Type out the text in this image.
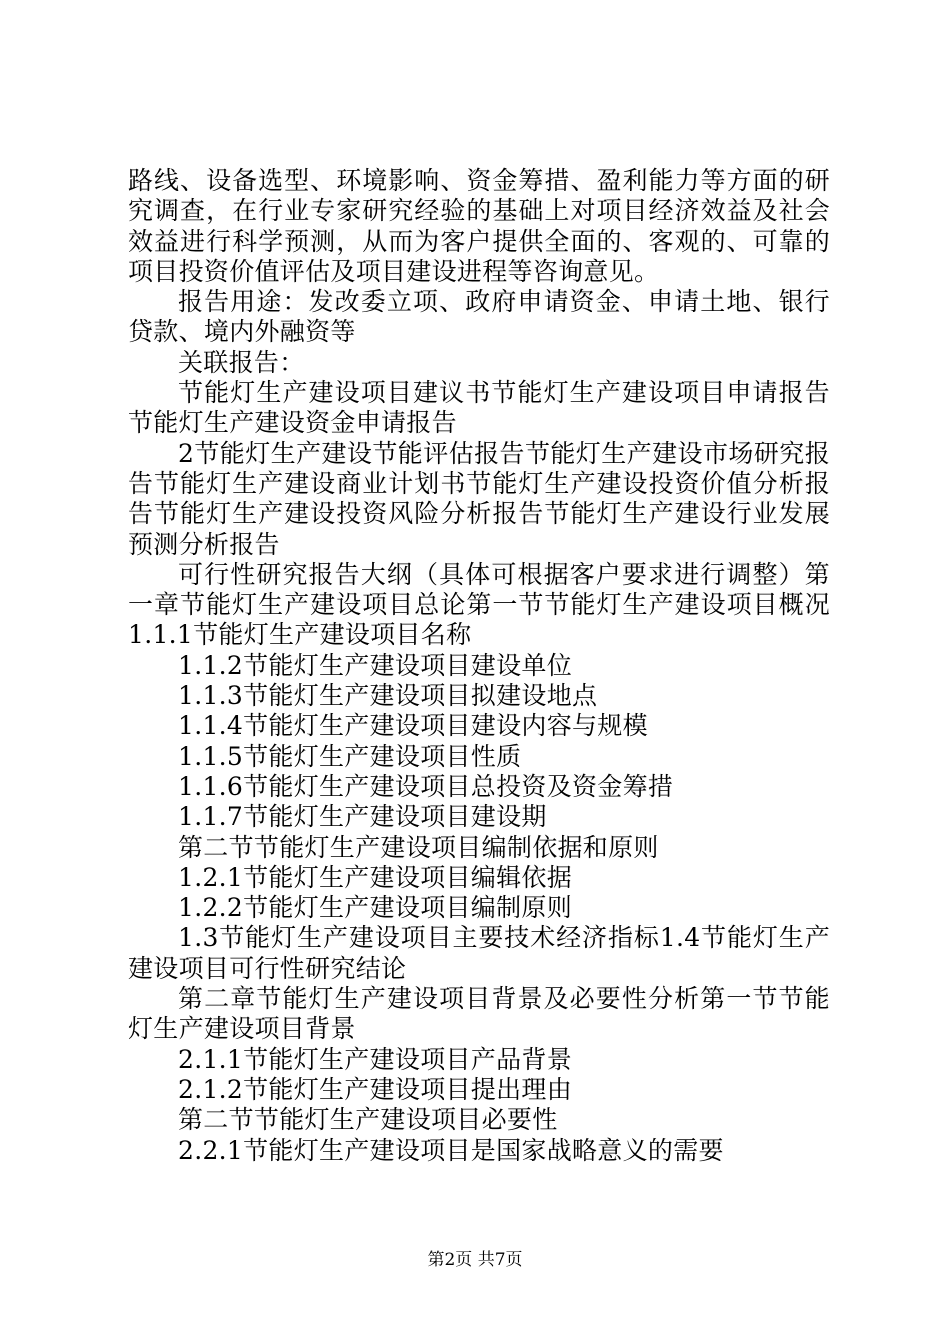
路线、设备选型、环境影响、资金筹措、盈利能力等方面的研究调查，在行业专家研究经验的基础上对项目经济效益及社会效益进行科学预测，从而为客户提供全面的、客观的、可靠的项目投资价值评估及项目建设进程等咨询意见。

报告用途：发改委立项、政府申请资金、申请土地、银行贷款、境内外融资等

关联报告：

节能灯生产建设项目建议书节能灯生产建设项目申请报告节能灯生产建设资金申请报告

2节能灯生产建设节能评估报告节能灯生产建设市场研究报告节能灯生产建设商业计划书节能灯生产建设投资价值分析报告节能灯生产建设投资风险分析报告节能灯生产建设行业发展预测分析报告

可行性研究报告大纲（具体可根据客户要求进行调整）第一章节能灯生产建设项目总论第一节节能灯生产建设项目概况1.1.1节能灯生产建设项目名称

1.1.2节能灯生产建设项目建设单位

1.1.3节能灯生产建设项目拟建设地点

1.1.4节能灯生产建设项目建设内容与规模

1.1.5节能灯生产建设项目性质

1.1.6节能灯生产建设项目总投资及资金筹措

1.1.7节能灯生产建设项目建设期

第二节节能灯生产建设项目编制依据和原则

1.2.1节能灯生产建设项目编辑依据

1.2.2节能灯生产建设项目编制原则

1.3节能灯生产建设项目主要技术经济指标1.4节能灯生产建设项目可行性研究结论

第二章节能灯生产建设项目背景及必要性分析第一节节能灯生产建设项目背景

2.1.1节能灯生产建设项目产品背景

2.1.2节能灯生产建设项目提出理由

第二节节能灯生产建设项目必要性

2.2.1节能灯生产建设项目是国家战略意义的需要

第2页 共7页
